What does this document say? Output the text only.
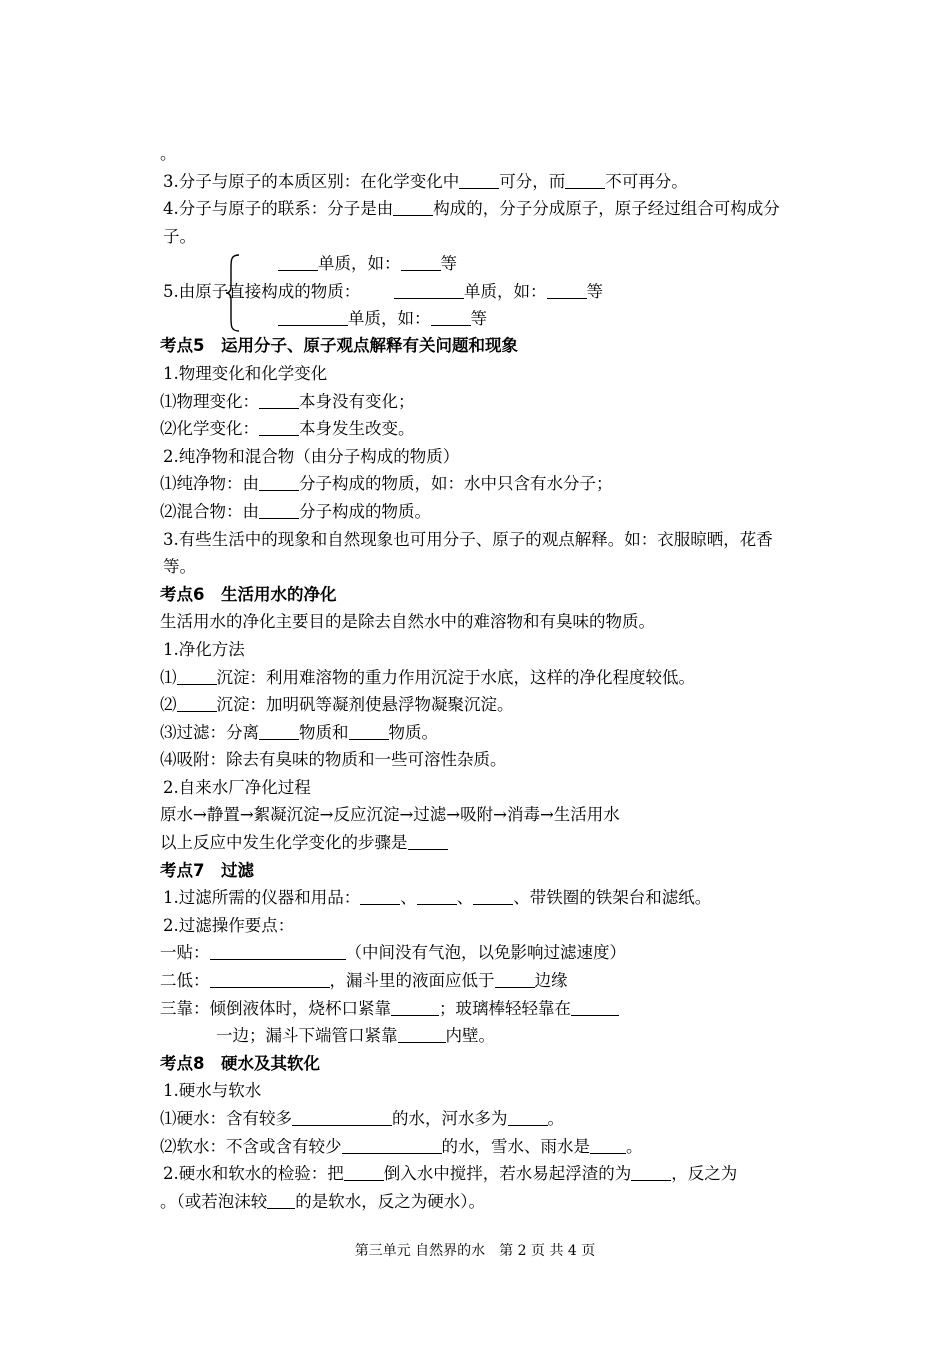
。
3.分子与原子的本质区别：在化学变化中 可分，而 不可再分。
4.分子与原子的联系：分子是由 构成的，分子分成原子，原子经过组合可构成分子。
5.由原子直接构成的物质：
单质，如： 等
单质，如： 等
单质，如： 等
考点5　运用分子、原子观点解释有关问题和现象
1.物理变化和化学变化
⑴物理变化： 本身没有变化；
⑵化学变化： 本身发生改变。
2.纯净物和混合物（由分子构成的物质）
⑴纯净物：由 分子构成的物质，如：水中只含有水分子；
⑵混合物：由 分子构成的物质。
3.有些生活中的现象和自然现象也可用分子、原子的观点解释。如：衣服晾晒，花香等。
考点6　生活用水的净化
生活用水的净化主要目的是除去自然水中的难溶物和有臭味的物质。
1.净化方法
⑴ 沉淀：利用难溶物的重力作用沉淀于水底，这样的净化程度较低。
⑵ 沉淀：加明矾等凝剂使悬浮物凝聚沉淀。
⑶过滤：分离 物质和 物质。
⑷吸附：除去有臭味的物质和一些可溶性杂质。
2.自来水厂净化过程
原水→静置→絮凝沉淀→反应沉淀→过滤→吸附→消毒→生活用水
以上反应中发生化学变化的步骤是
考点7　过滤
1.过滤所需的仪器和用品： 、 、 、带铁圈的铁架台和滤纸。
2.过滤操作要点：
一贴：	（中间没有气泡，以免影响过滤速度）
二低：	，漏斗里的液面应低于 边缘
三靠：倾倒液体时，烧杯口紧靠	；玻璃棒轻轻靠在
一边；漏斗下端管口紧靠	内壁。
考点8　硬水及其软化
1.硬水与软水
⑴硬水：含有较多	的水，河水多为 。
⑵软水：不含或含有较少	的水，雪水、雨水是 。
2.硬水和软水的检验：把 倒入水中搅拌，若水易起浮渣的为 ，反之为
。（或若泡沫较 的是软水，反之为硬水）。
第三单元 自然界的水　第 2 页 共 4 页
